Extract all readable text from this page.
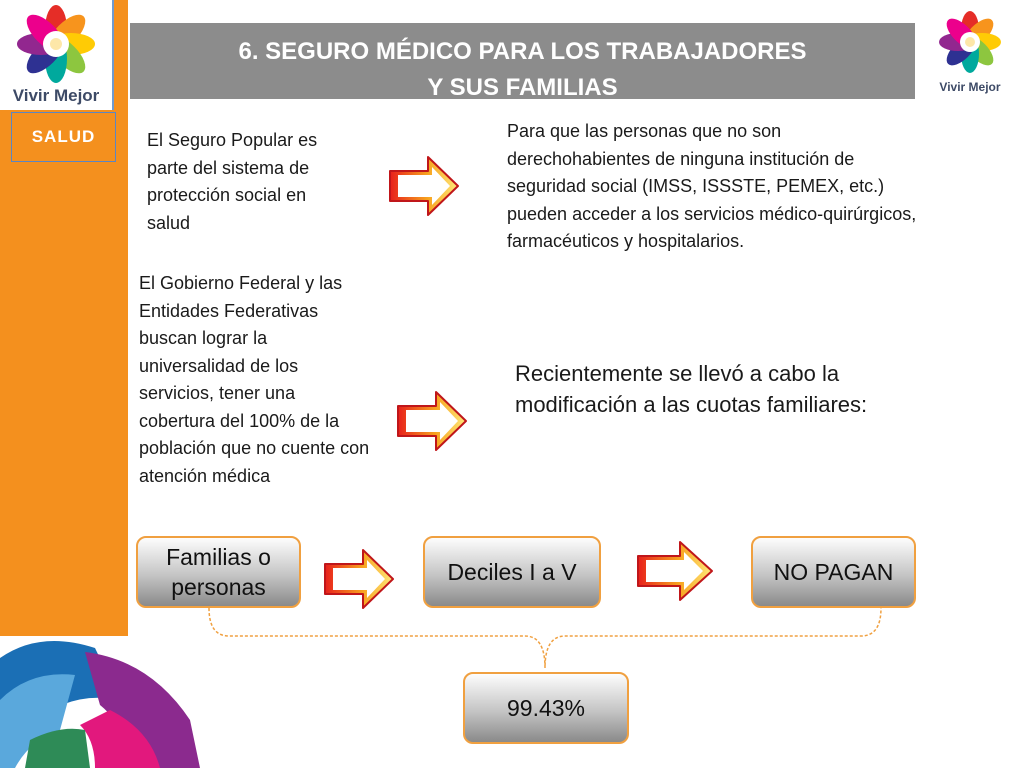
Vivir Mejor
SALUD
6. SEGURO MÉDICO PARA LOS TRABAJADORES
Y SUS FAMILIAS	Vivir Mejor
El Seguro Popular es parte del sistema de protección social en salud
Para que las personas que no son derechohabientes de ninguna institución de seguridad social (IMSS, ISSSTE, PEMEX, etc.) pueden acceder a los servicios médico-quirúrgicos, farmacéuticos y hospitalarios.
El Gobierno Federal y las Entidades Federativas buscan lograr la universalidad de los servicios, tener una cobertura del 100% de la población que no cuente con atención médica
Recientemente se llevó a cabo la modificación a las cuotas familiares:
Familias o personas
Deciles I a V	NO PAGAN
99.43%
